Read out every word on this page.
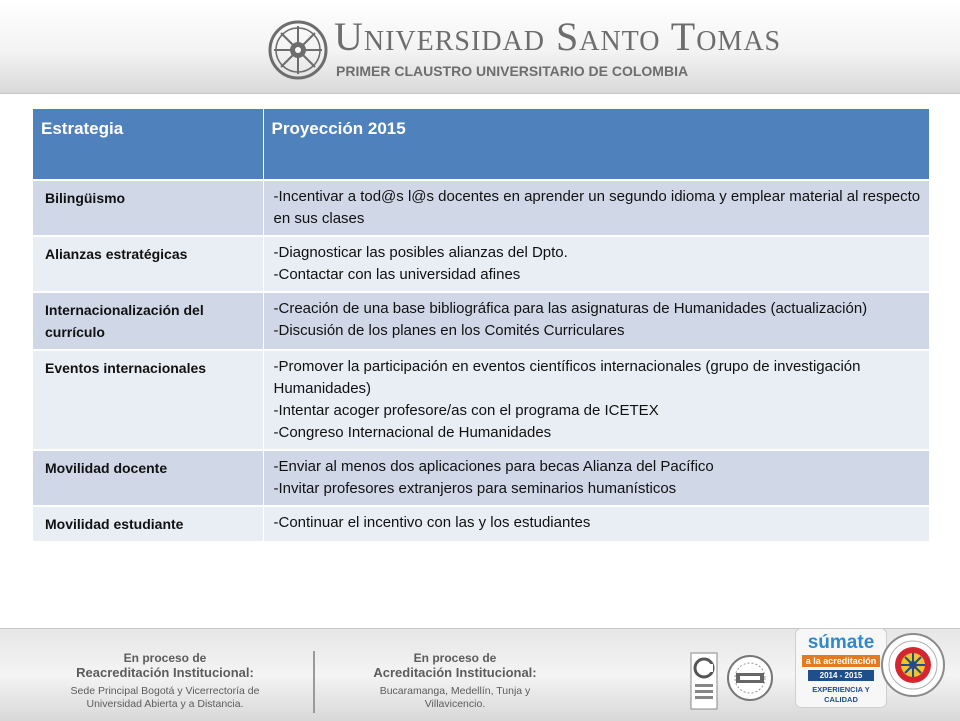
Universidad Santo Tomas
PRIMER CLAUSTRO UNIVERSITARIO DE COLOMBIA
Estrategia	Proyección 2015
Bilingüismo	-Incentivar a tod@s l@s docentes en aprender un segundo idioma y emplear material al respecto en sus clases

Alianzas estratégicas	-Diagnosticar las posibles alianzas del Dpto.
-Contactar con las universidad afines

Internacionalización del currículo	-Creación de una base bibliográfica para las asignaturas de Humanidades (actualización)
-Discusión de los planes en los Comités Curriculares

Eventos internacionales	-Promover la participación en eventos científicos internacionales (grupo de investigación Humanidades)
-Intentar acoger profesore/as con el programa de ICETEX
-Congreso Internacional de Humanidades

Movilidad docente	-Enviar al menos dos aplicaciones para becas Alianza del Pacífico
-Invitar profesores extranjeros para seminarios humanísticos

Movilidad estudiante	-Continuar el incentivo con las y los estudiantes
En proceso de
Reacreditación Institucional:
Sede Principal Bogotá y Vicerrectoría de Universidad Abierta y a Distancia.
En proceso de
Acreditación Institucional:
Bucaramanga, Medellín, Tunja y Villavicencio.
súmate
a la acreditación
2014 - 2015
EXPERIENCIA Y CALIDAD
